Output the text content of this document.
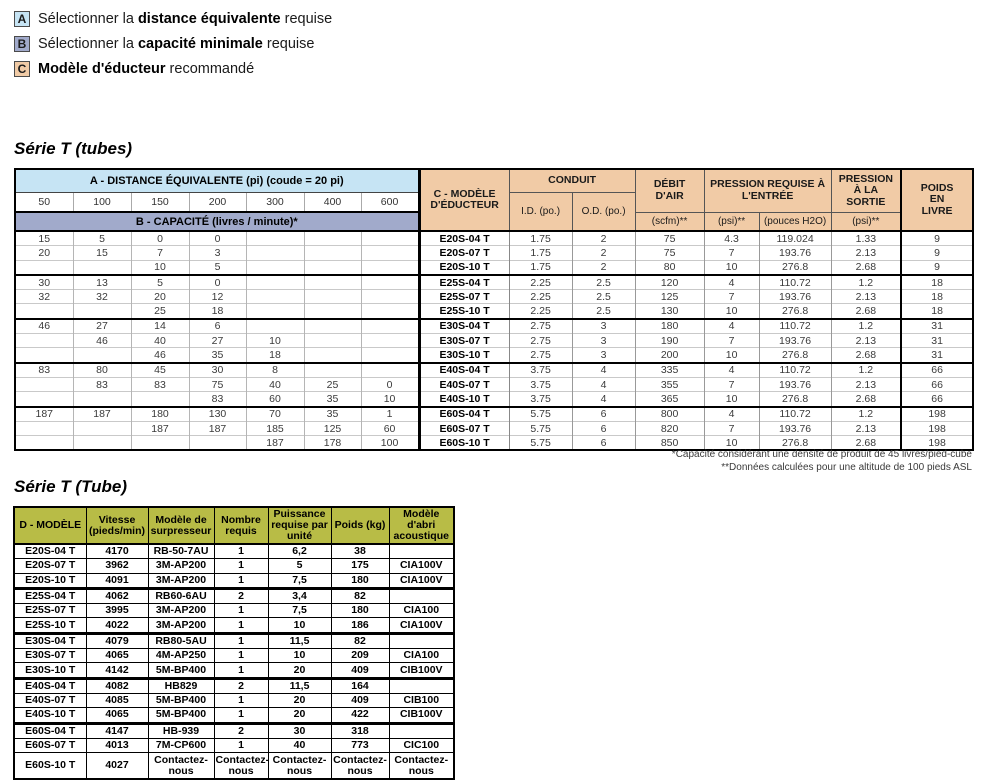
A Sélectionner la distance équivalente requise
B Sélectionner la capacité minimale requise
C Modèle d'éducteur recommandé
Série T (tubes)
A - DISTANCE ÉQUIVALENTE (pi) (coude = 20 pi)							C - MODÈLE D'ÉDUCTEUR	CONDUIT		DÉBIT D'AIR	PRESSION REQUISE À L'ENTRÉE		PRESSION À LA SORTIE	POIDS EN LIVRE
50	100	150	200	300	400	600		I.D. (po.)	O.D. (po.)					
B - CAPACITÉ (livres / minute)*										(scfm)**	(psi)**	(pouces H2O)	(psi)**	
15	5	0	0				E20S-04 T	1.75	2	75	4.3	119.024	1.33	9
20	15	7	3				E20S-07 T	1.75	2	75	7	193.76	2.13	9
		10	5				E20S-10 T	1.75	2	80	10	276.8	2.68	9
30	13	5	0				E25S-04 T	2.25	2.5	120	4	110.72	1.2	18
32	32	20	12				E25S-07 T	2.25	2.5	125	7	193.76	2.13	18
		25	18				E25S-10 T	2.25	2.5	130	10	276.8	2.68	18
46	27	14	6				E30S-04 T	2.75	3	180	4	110.72	1.2	31
	46	40	27	10			E30S-07 T	2.75	3	190	7	193.76	2.13	31
		46	35	18			E30S-10 T	2.75	3	200	10	276.8	2.68	31
83	80	45	30	8			E40S-04 T	3.75	4	335	4	110.72	1.2	66
	83	83	75	40	25	0	E40S-07 T	3.75	4	355	7	193.76	2.13	66
			83	60	35	10	E40S-10 T	3.75	4	365	10	276.8	2.68	66
187	187	180	130	70	35	1	E60S-04 T	5.75	6	800	4	110.72	1.2	198
		187	187	185	125	60	E60S-07 T	5.75	6	820	7	193.76	2.13	198
				187	178	100	E60S-10 T	5.75	6	850	10	276.8	2.68	198
*Capacité considérant une densité de produit de 45 livres/pied-cube
**Données calculées pour une altitude de 100 pieds ASL
Série T (Tube)
D - MODÈLE	Vitesse (pieds/min)	Modèle de surpresseur	Nombre requis	Puissance requise par unité	Poids (kg)	Modèle d'abri acoustique
E20S-04 T	4170	RB-50-7AU	1	6,2	38	
E20S-07 T	3962	3M-AP200	1	5	175	CIA100V
E20S-10 T	4091	3M-AP200	1	7,5	180	CIA100V
E25S-04 T	4062	RB60-6AU	2	3,4	82	
E25S-07 T	3995	3M-AP200	1	7,5	180	CIA100
E25S-10 T	4022	3M-AP200	1	10	186	CIA100V
E30S-04 T	4079	RB80-5AU	1	11,5	82	
E30S-07 T	4065	4M-AP250	1	10	209	CIA100
E30S-10 T	4142	5M-BP400	1	20	409	CIB100V
E40S-04 T	4082	HB829	2	11,5	164	
E40S-07 T	4085	5M-BP400	1	20	409	CIB100
E40S-10 T	4065	5M-BP400	1	20	422	CIB100V
E60S-04 T	4147	HB-939	2	30	318	
E60S-07 T	4013	7M-CP600	1	40	773	CIC100
E60S-10 T	4027	Contactez-nous	Contactez-nous	Contactez-nous	Contactez-nous	Contactez-nous
